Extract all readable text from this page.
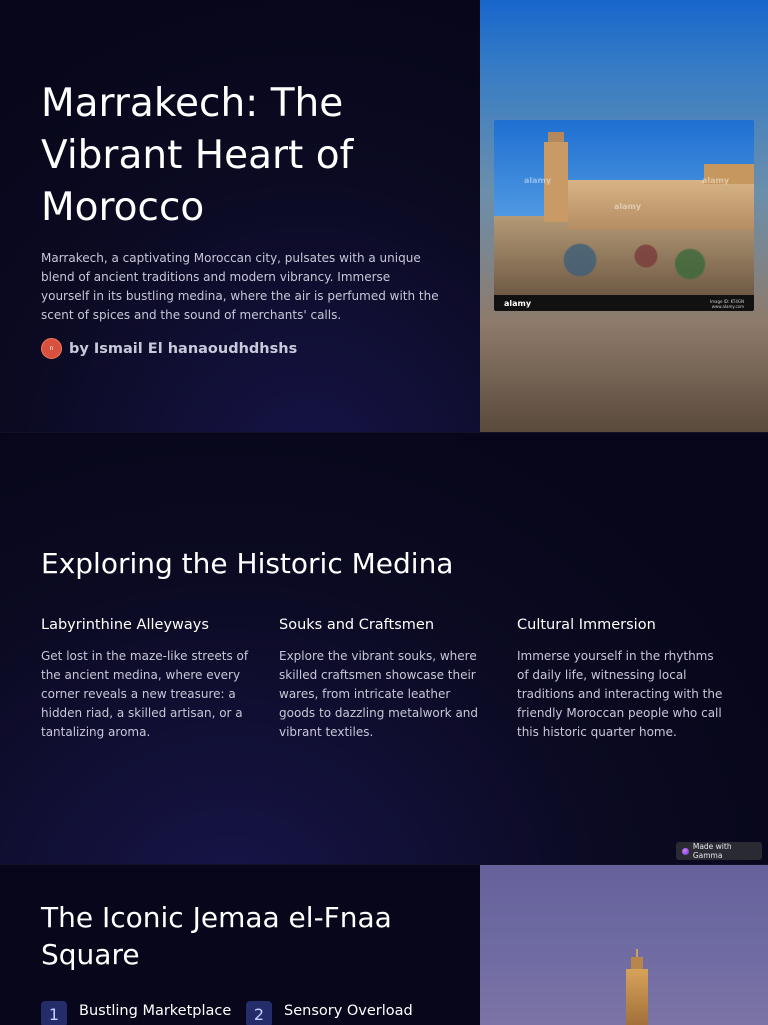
Marrakech: The Vibrant Heart of Morocco

Marrakech, a captivating Moroccan city, pulsates with a unique blend of ancient traditions and modern vibrancy. Immerse yourself in its bustling medina, where the air is perfumed with the scent of spices and the sound of merchants' calls.

n by Ismail El hanaoudhdhshs
alamy
alamy
alamy
alamy	Image ID: KT4GN
www.alamy.com
Exploring the Historic Medina
Labyrinthine Alleyways

Get lost in the maze-like streets of the ancient medina, where every corner reveals a new treasure: a hidden riad, a skilled artisan, or a tantalizing aroma.

Souks and Craftsmen

Explore the vibrant souks, where skilled craftsmen showcase their wares, from intricate leather goods to dazzling metalwork and vibrant textiles.

Cultural Immersion

Immerse yourself in the rhythms of daily life, witnessing local traditions and interacting with the friendly Moroccan people who call this historic quarter home.

Made with Gamma
The Iconic Jemaa el-Fnaa Square
1	Bustling Marketplace	2	Sensory Overload
